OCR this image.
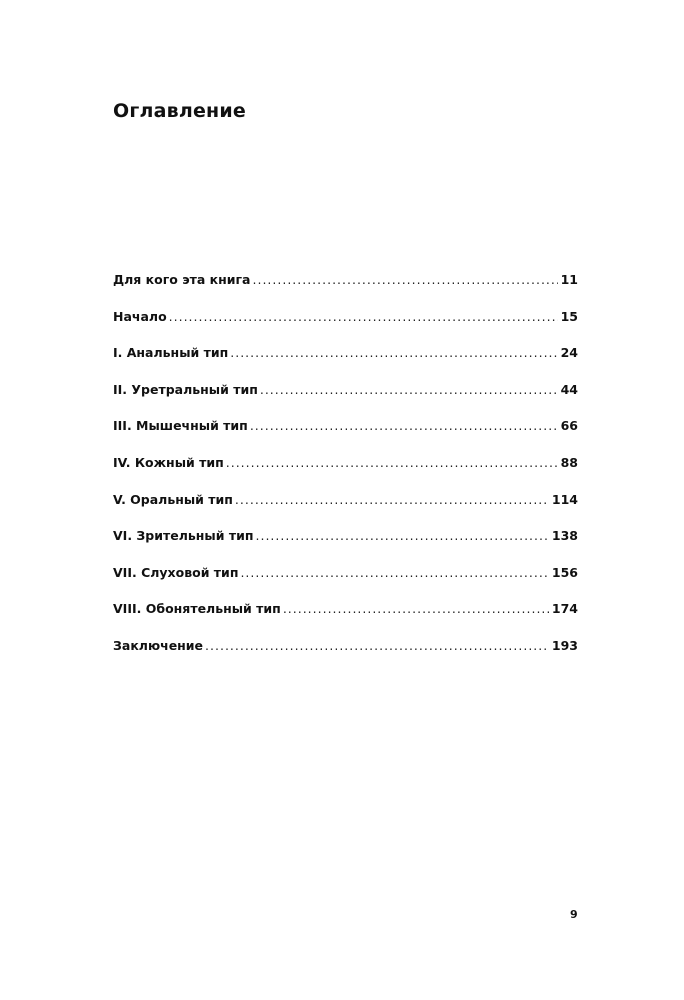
Оглавление
Для кого эта книга .....	11
Начало .....	15
I. Анальный тип .....	24
II. Уретральный тип .....	44
III. Мышечный тип .....	66
IV. Кожный тип .....	88
V. Оральный тип .....	114
VI. Зрительный тип .....	138
VII. Слуховой тип .....	156
VIII. Обонятельный тип .....	174
Заключение .....	193
9
